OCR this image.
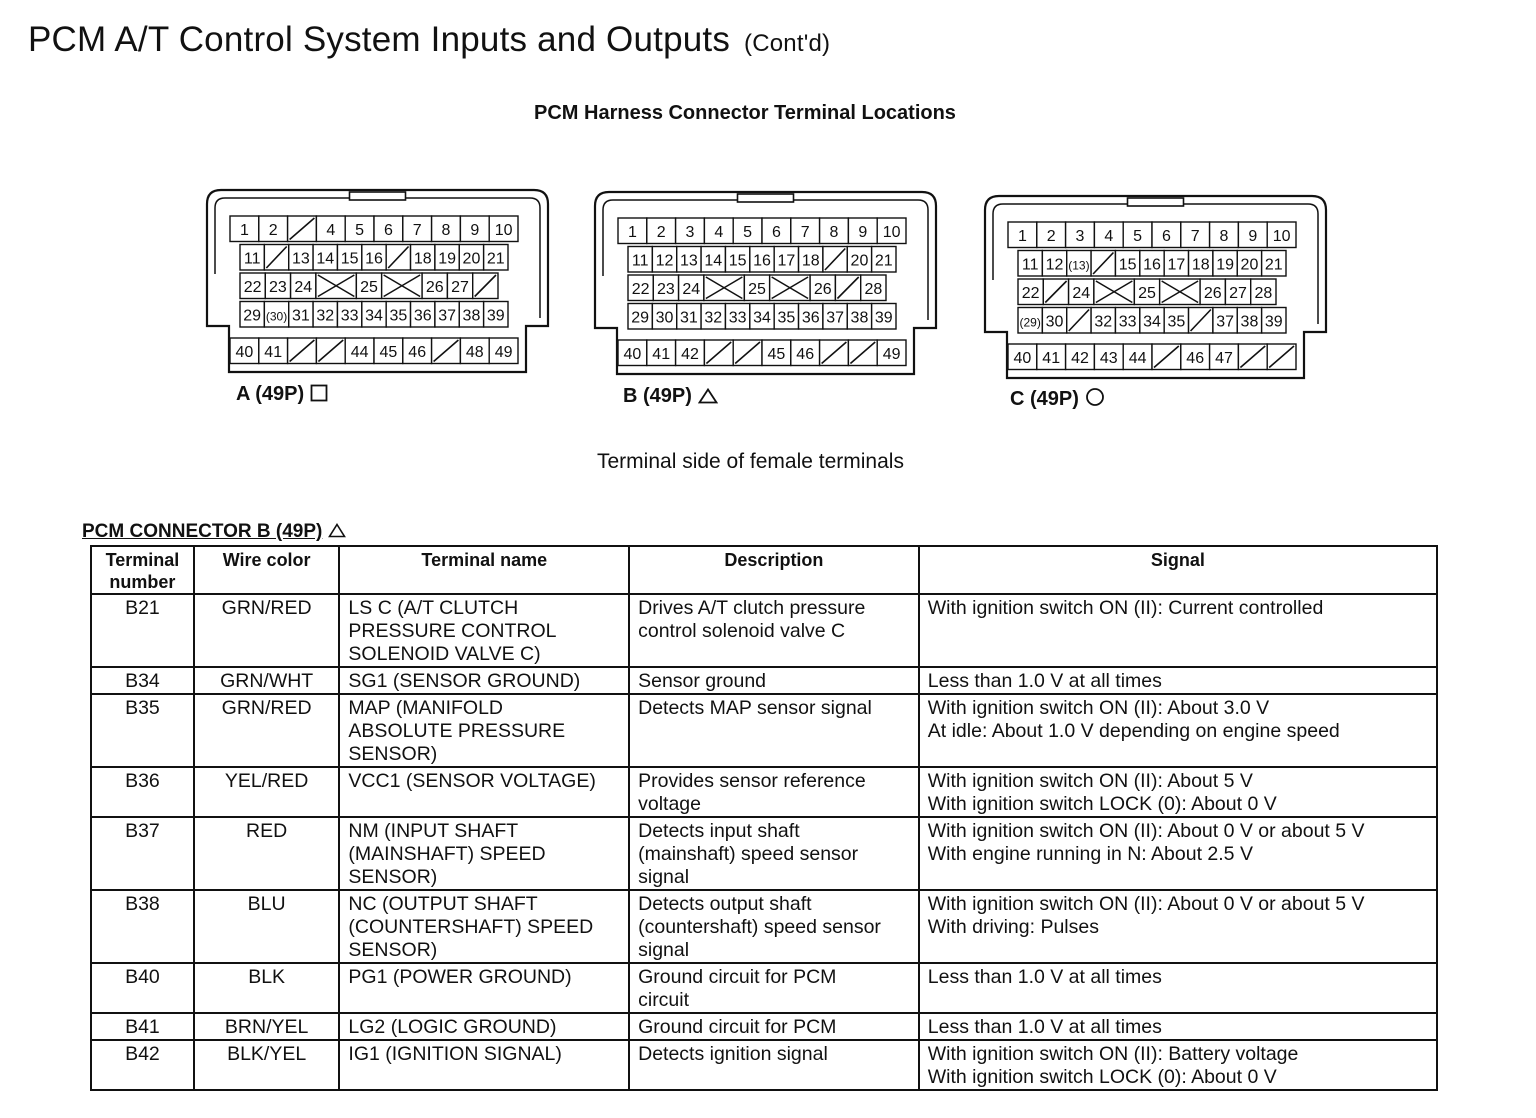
PCM A/T Control System Inputs and Outputs (Cont'd)
PCM Harness Connector Terminal Locations
1 2	4 5 6 7 8 9 10
11 13 14 15 16 18 19 20 21
22 23 24	25	26 27
29 (30) 31 32 33 34 35 36 37 38 39
40 41	44 45 46 48 49
1 2 3 4 5 6 7 8 9 10
11 12 13 14 15 16 17 18 20 21
22 23 24	25	26 28
29 30 31 32 33 34 35 36 37 38 39
40 41 42	45 46	49
1 2 3 4 5 6 7 8 9 10
11 12 (13) 15 16 17 18 19 20 21
22 24	25	26 27 28
(29) 30 32 33 34 35 37 38 39
40 41 42 43 44 46 47
A (49P)	B (49P)	C (49P)
Terminal side of female terminals
PCM CONNECTOR B (49P)
Terminal
number	Wire color	Terminal name	Description	Signal

B21	GRN/RED	LS C (A/T CLUTCH
PRESSURE CONTROL
SOLENOID VALVE C)	Drives A/T clutch pressure
control solenoid valve C	With ignition switch ON (II): Current controlled

B34	GRN/WHT	SG1 (SENSOR GROUND)	Sensor ground	Less than 1.0 V at all times

B35	GRN/RED	MAP (MANIFOLD
ABSOLUTE PRESSURE
SENSOR)	Detects MAP sensor signal	With ignition switch ON (II): About 3.0 V
At idle: About 1.0 V depending on engine speed

B36	YEL/RED	VCC1 (SENSOR VOLTAGE)	Provides sensor reference
voltage	With ignition switch ON (II): About 5 V
With ignition switch LOCK (0): About 0 V

B37	RED	NM (INPUT SHAFT
(MAINSHAFT) SPEED
SENSOR)	Detects input shaft
(mainshaft) speed sensor
signal	With ignition switch ON (II): About 0 V or about 5 V
With engine running in N: About 2.5 V

B38	BLU	NC (OUTPUT SHAFT
(COUNTERSHAFT) SPEED
SENSOR)	Detects output shaft
(countershaft) speed sensor
signal	With ignition switch ON (II): About 0 V or about 5 V
With driving: Pulses

B40	BLK	PG1 (POWER GROUND)	Ground circuit for PCM
circuit	Less than 1.0 V at all times

B41	BRN/YEL	LG2 (LOGIC GROUND)	Ground circuit for PCM	Less than 1.0 V at all times

B42	BLK/YEL	IG1 (IGNITION SIGNAL)	Detects ignition signal	With ignition switch ON (II): Battery voltage
With ignition switch LOCK (0): About 0 V
